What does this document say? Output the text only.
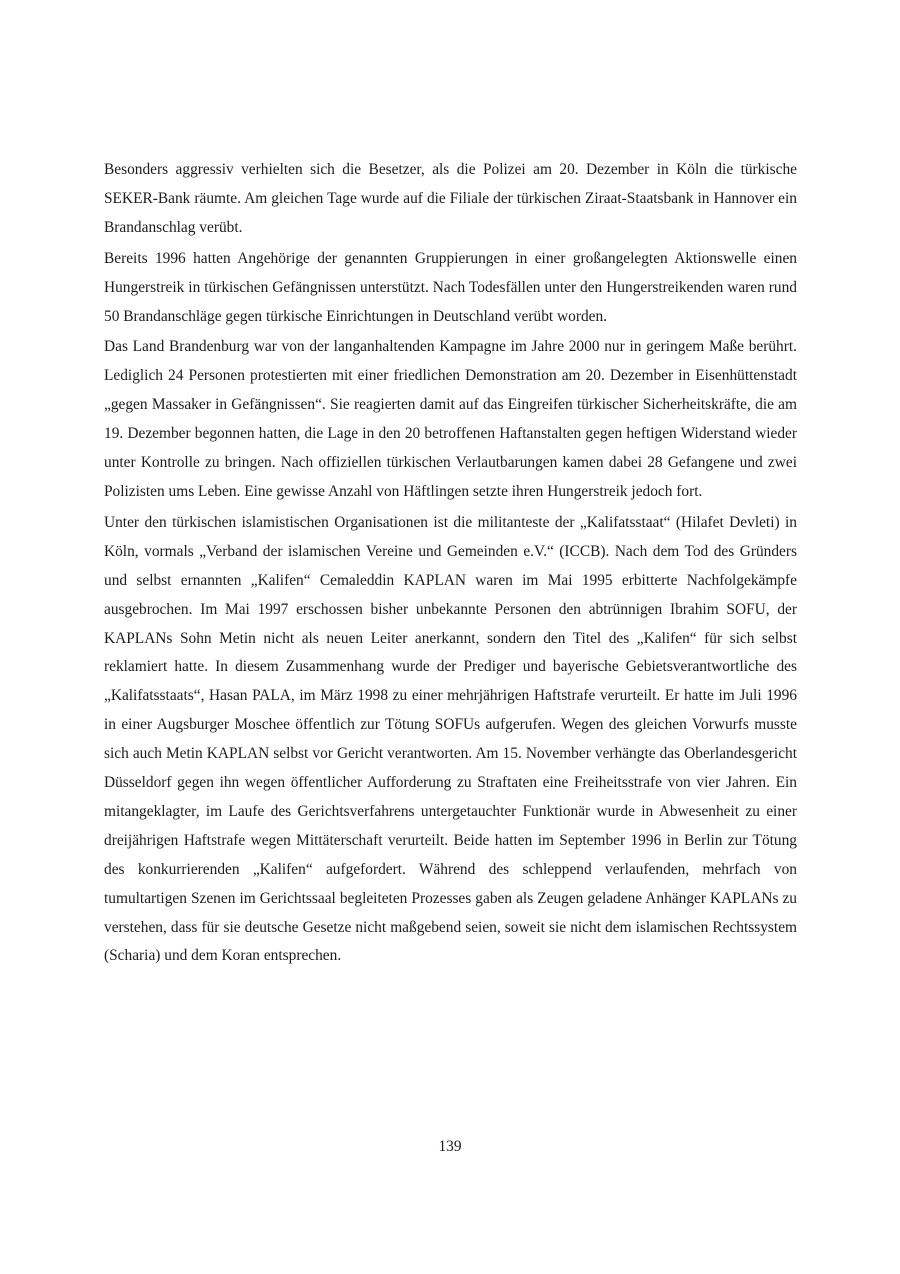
Besonders aggressiv verhielten sich die Besetzer, als die Polizei am 20. Dezember in Köln die türkische SEKER-Bank räumte. Am gleichen Tage wurde auf die Filiale der türkischen Ziraat-Staatsbank in Hannover ein Brandanschlag verübt.

Bereits 1996 hatten Angehörige der genannten Gruppierungen in einer großangelegten Aktionswelle einen Hungerstreik in türkischen Gefängnissen unterstützt. Nach Todesfällen unter den Hungerstreikenden waren rund 50 Brandanschläge gegen türkische Einrichtungen in Deutschland verübt worden.

Das Land Brandenburg war von der langanhaltenden Kampagne im Jahre 2000 nur in geringem Maße berührt. Lediglich 24 Personen protestierten mit einer friedlichen Demonstration am 20. Dezember in Eisenhüttenstadt „gegen Massaker in Gefängnissen“. Sie reagierten damit auf das Eingreifen türkischer Sicherheitskräfte, die am 19. Dezember begonnen hatten, die Lage in den 20 betroffenen Haftanstalten gegen heftigen Widerstand wieder unter Kontrolle zu bringen. Nach offiziellen türkischen Verlautbarungen kamen dabei 28 Gefangene und zwei Polizisten ums Leben. Eine gewisse Anzahl von Häftlingen setzte ihren Hungerstreik jedoch fort.

Unter den türkischen islamistischen Organisationen ist die militanteste der „Kalifatsstaat“ (Hilafet Devleti) in Köln, vormals „Verband der islamischen Vereine und Gemeinden e.V.“ (ICCB). Nach dem Tod des Gründers und selbst ernannten „Kalifen“ Cemaleddin KAPLAN waren im Mai 1995 erbitterte Nachfolgekämpfe ausgebrochen. Im Mai 1997 erschossen bisher unbekannte Personen den abtrünnigen Ibrahim SOFU, der KAPLANs Sohn Metin nicht als neuen Leiter anerkannt, sondern den Titel des „Kalifen“ für sich selbst reklamiert hatte. In diesem Zusammenhang wurde der Prediger und bayerische Gebietsverantwortliche des „Kalifatsstaats“, Hasan PALA, im März 1998 zu einer mehrjährigen Haftstrafe verurteilt. Er hatte im Juli 1996 in einer Augsburger Moschee öffentlich zur Tötung SOFUs aufgerufen. Wegen des gleichen Vorwurfs musste sich auch Metin KAPLAN selbst vor Gericht verantworten. Am 15. November verhängte das Oberlandesgericht Düsseldorf gegen ihn wegen öffentlicher Aufforderung zu Straftaten eine Freiheitsstrafe von vier Jahren. Ein mitangeklagter, im Laufe des Gerichtsverfahrens untergetauchter Funktionär wurde in Abwesenheit zu einer dreijährigen Haftstrafe wegen Mittäterschaft verurteilt. Beide hatten im September 1996 in Berlin zur Tötung des konkurrierenden „Kalifen“ aufgefordert. Während des schleppend verlaufenden, mehrfach von tumultartigen Szenen im Gerichtssaal begleiteten Prozesses gaben als Zeugen geladene Anhänger KAPLANs zu verstehen, dass für sie deutsche Gesetze nicht maßgebend seien, soweit sie nicht dem islamischen Rechtssystem (Scharia) und dem Koran entsprechen.

139
